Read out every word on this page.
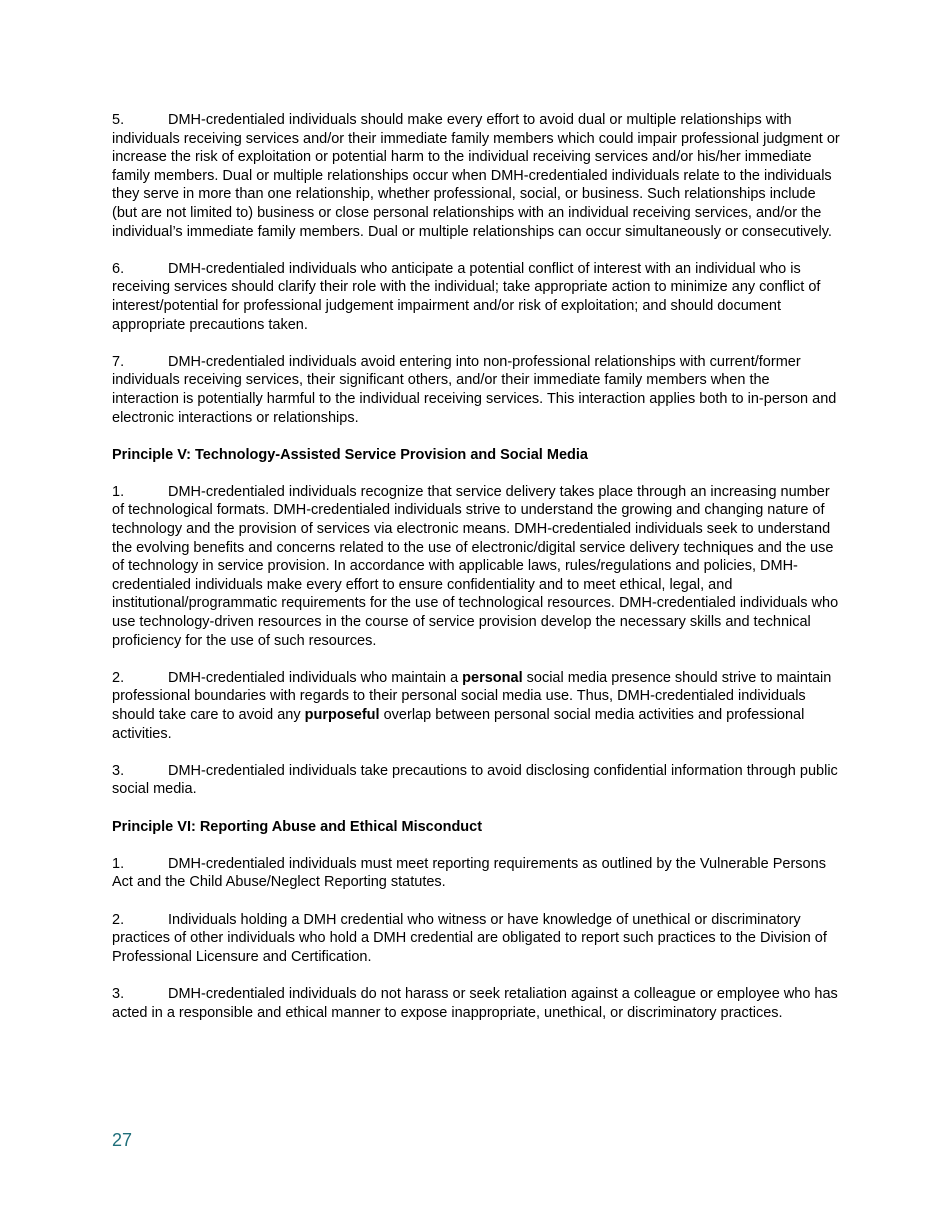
5.	DMH-credentialed individuals should make every effort to avoid dual or multiple relationships with individuals receiving services and/or their immediate family members which could impair professional judgment or increase the risk of exploitation or potential harm to the individual receiving services and/or his/her immediate family members. Dual or multiple relationships occur when DMH-credentialed individuals relate to the individuals they serve in more than one relationship, whether professional, social, or business. Such relationships include (but are not limited to) business or close personal relationships with an individual receiving services, and/or the individual’s immediate family members. Dual or multiple relationships can occur simultaneously or consecutively.

6.	DMH-credentialed individuals who anticipate a potential conflict of interest with an individual who is receiving services should clarify their role with the individual; take appropriate action to minimize any conflict of interest/potential for professional judgement impairment and/or risk of exploitation; and should document appropriate precautions taken.

7.	DMH-credentialed individuals avoid entering into non-professional relationships with current/former individuals receiving services, their significant others, and/or their immediate family members when the interaction is potentially harmful to the individual receiving services. This interaction applies both to in-person and electronic interactions or relationships.

Principle V: Technology-Assisted Service Provision and Social Media

1.	DMH-credentialed individuals recognize that service delivery takes place through an increasing number of technological formats. DMH-credentialed individuals strive to understand the growing and changing nature of technology and the provision of services via electronic means. DMH-credentialed individuals seek to understand the evolving benefits and concerns related to the use of electronic/digital service delivery techniques and the use of technology in service provision. In accordance with applicable laws, rules/regulations and policies, DMH-credentialed individuals make every effort to ensure confidentiality and to meet ethical, legal, and institutional/programmatic requirements for the use of technological resources. DMH-credentialed individuals who use technology-driven resources in the course of service provision develop the necessary skills and technical proficiency for the use of such resources.

2.	DMH-credentialed individuals who maintain a personal social media presence should strive to maintain professional boundaries with regards to their personal social media use. Thus, DMH-credentialed individuals should take care to avoid any purposeful overlap between personal social media activities and professional activities.

3.	DMH-credentialed individuals take precautions to avoid disclosing confidential information through public social media.

Principle VI: Reporting Abuse and Ethical Misconduct

1.	DMH-credentialed individuals must meet reporting requirements as outlined by the Vulnerable Persons Act and the Child Abuse/Neglect Reporting statutes.

2.	Individuals holding a DMH credential who witness or have knowledge of unethical or discriminatory practices of other individuals who hold a DMH credential are obligated to report such practices to the Division of Professional Licensure and Certification.

3.	DMH-credentialed individuals do not harass or seek retaliation against a colleague or employee who has acted in a responsible and ethical manner to expose inappropriate, unethical, or discriminatory practices.

27
